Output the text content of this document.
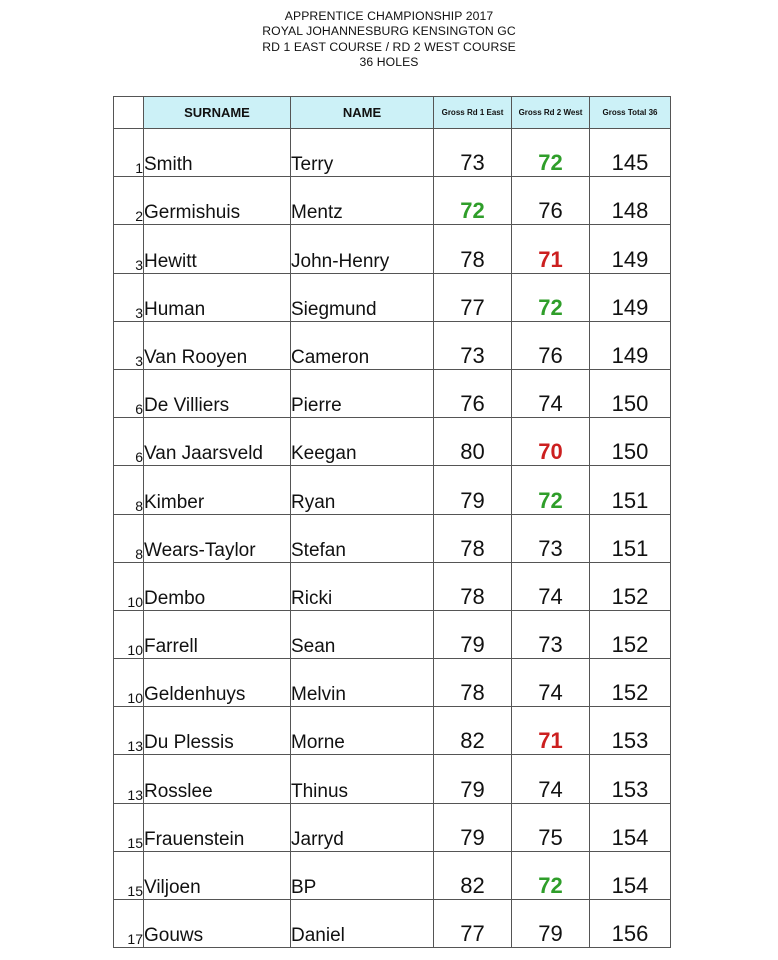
APPRENTICE CHAMPIONSHIP 2017
ROYAL JOHANNESBURG KENSINGTON GC
RD 1 EAST COURSE / RD 2 WEST COURSE
36 HOLES
	SURNAME	NAME	Gross Rd 1 East	Gross Rd 2 West	Gross Total 36
1	Smith	Terry	73	72	145
2	Germishuis	Mentz	72	76	148
3	Hewitt	John-Henry	78	71	149
3	Human	Siegmund	77	72	149
3	Van Rooyen	Cameron	73	76	149
6	De Villiers	Pierre	76	74	150
6	Van Jaarsveld	Keegan	80	70	150
8	Kimber	Ryan	79	72	151
8	Wears-Taylor	Stefan	78	73	151
10	Dembo	Ricki	78	74	152
10	Farrell	Sean	79	73	152
10	Geldenhuys	Melvin	78	74	152
13	Du Plessis	Morne	82	71	153
13	Rosslee	Thinus	79	74	153
15	Frauenstein	Jarryd	79	75	154
15	Viljoen	BP	82	72	154
17	Gouws	Daniel	77	79	156
